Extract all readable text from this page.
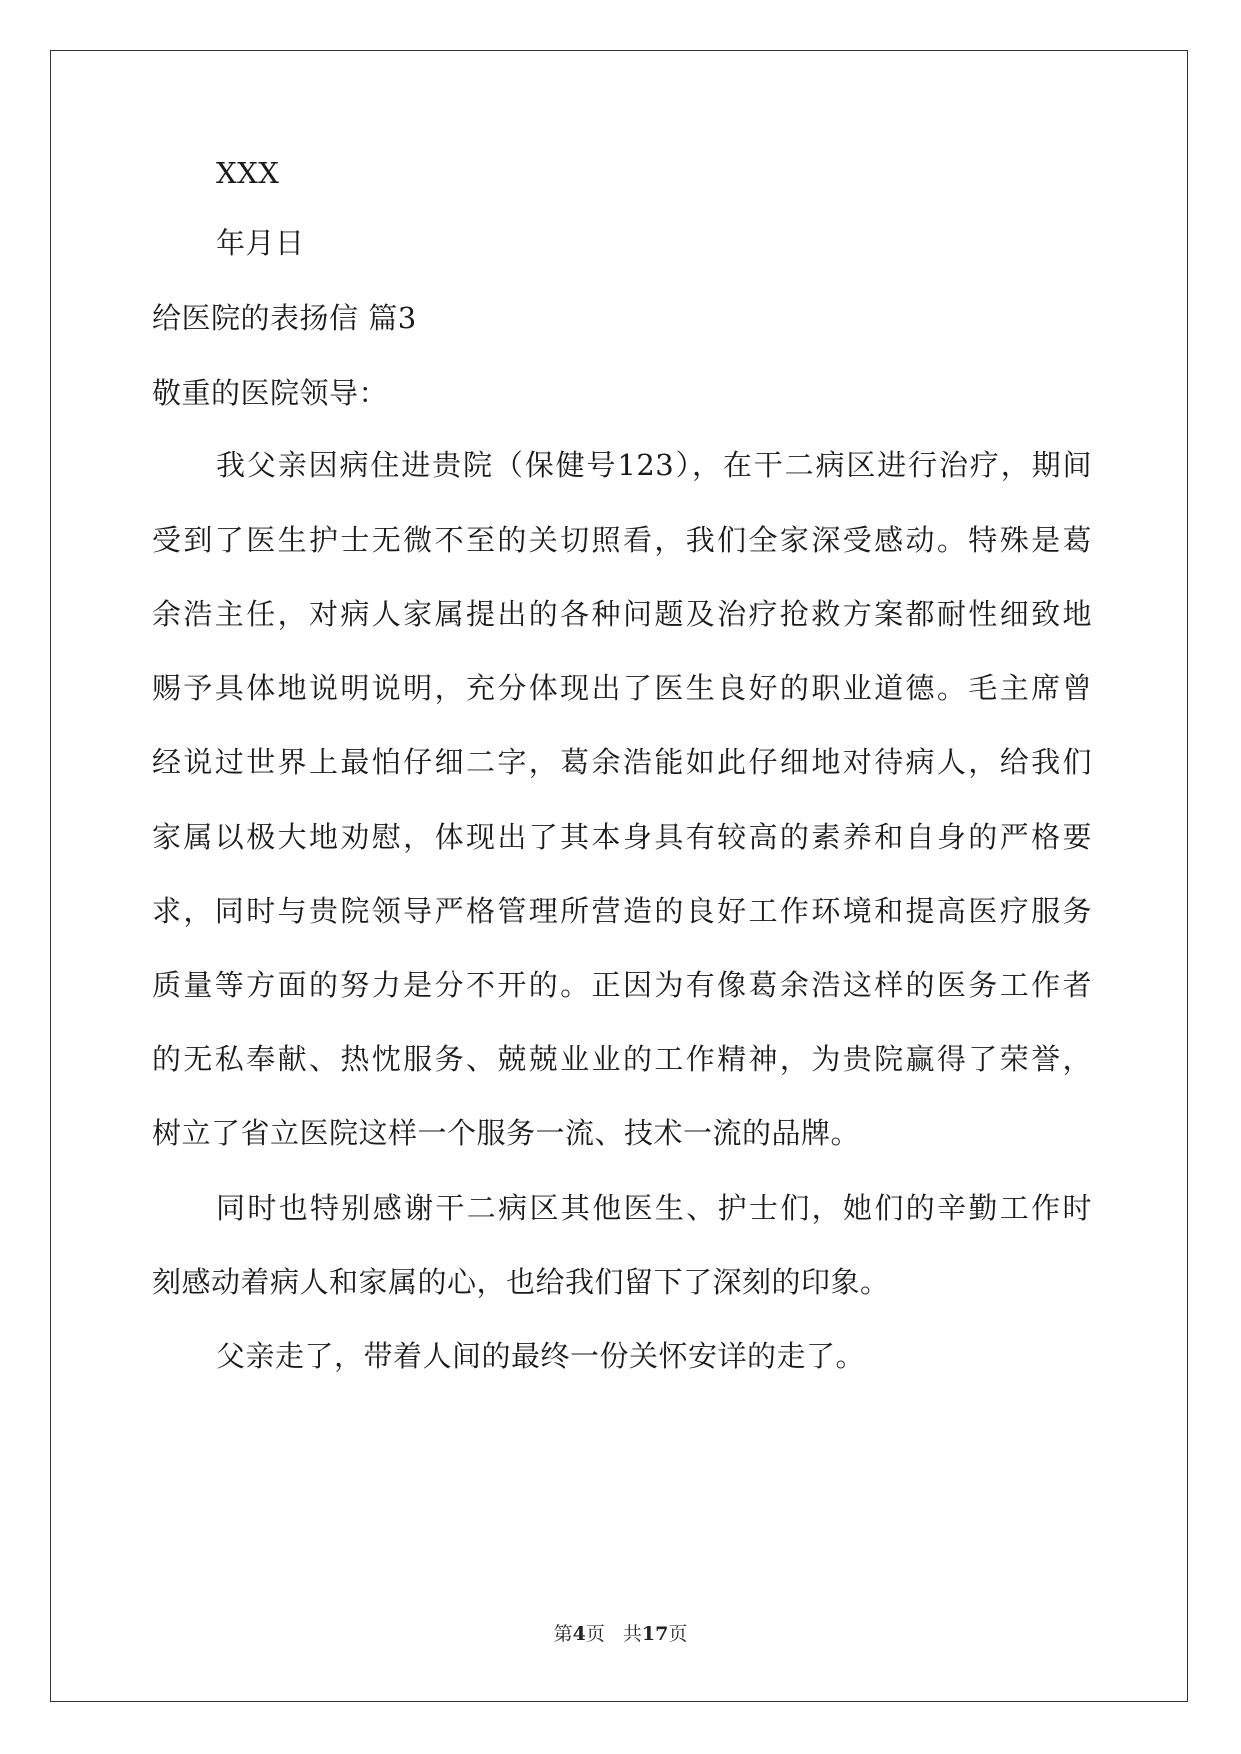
XXX
年月日
给医院的表扬信 篇3
敬重的医院领导：
我父亲因病住进贵院（保健号123），在干二病区进行治疗，期间
受到了医生护士无微不至的关切照看，我们全家深受感动。特殊是葛
余浩主任，对病人家属提出的各种问题及治疗抢救方案都耐性细致地
赐予具体地说明说明，充分体现出了医生良好的职业道德。毛主席曾
经说过世界上最怕仔细二字，葛余浩能如此仔细地对待病人，给我们
家属以极大地劝慰，体现出了其本身具有较高的素养和自身的严格要
求，同时与贵院领导严格管理所营造的良好工作环境和提高医疗服务
质量等方面的努力是分不开的。正因为有像葛余浩这样的医务工作者
的无私奉献、热忱服务、兢兢业业的工作精神，为贵院赢得了荣誉，
树立了省立医院这样一个服务一流、技术一流的品牌。
同时也特别感谢干二病区其他医生、护士们，她们的辛勤工作时
刻感动着病人和家属的心，也给我们留下了深刻的印象。
父亲走了，带着人间的最终一份关怀安详的走了。
第4页 共17页
